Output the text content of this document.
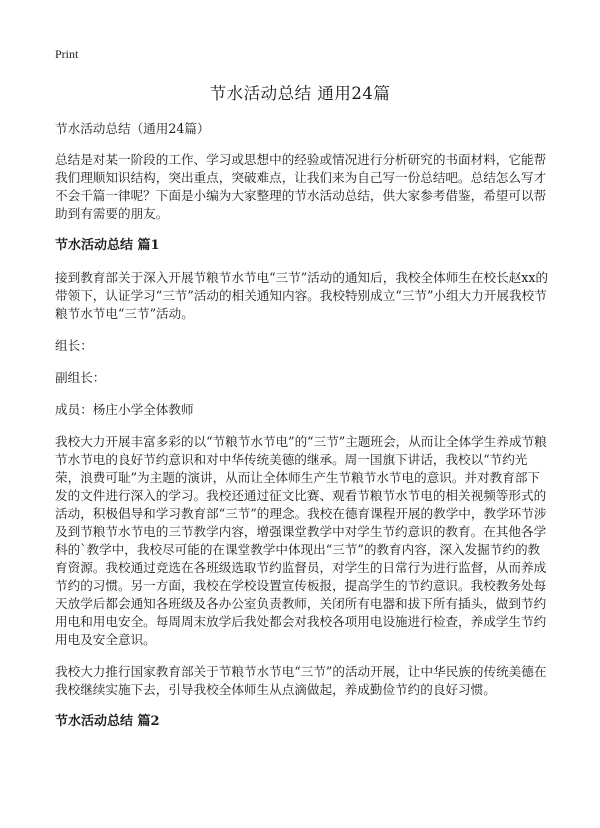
Print
节水活动总结 通用24篇

节水活动总结（通用24篇）

总结是对某一阶段的工作、学习或思想中的经验或情况进行分析研究的书面材料，它能帮我们理顺知识结构，突出重点，突破难点，让我们来为自己写一份总结吧。总结怎么写才不会千篇一律呢？下面是小编为大家整理的节水活动总结，供大家参考借鉴，希望可以帮助到有需要的朋友。

节水活动总结 篇1

接到教育部关于深入开展节粮节水节电“三节”活动的通知后，我校全体师生在校长赵xx的带领下，认证学习“三节”活动的相关通知内容。我校特别成立“三节”小组大力开展我校节粮节水节电“三节”活动。

组长：

副组长：

成员：杨庄小学全体教师

我校大力开展丰富多彩的以“节粮节水节电”的“三节”主题班会，从而让全体学生养成节粮节水节电的良好节约意识和对中华传统美德的继承。周一国旗下讲话，我校以“节约光荣，浪费可耻”为主题的演讲，从而让全体师生产生节粮节水节电的意识。并对教育部下发的文件进行深入的学习。我校还通过征文比赛、观看节粮节水节电的相关视频等形式的活动，积极倡导和学习教育部“三节”的理念。我校在德育课程开展的教学中，教学环节涉及到节粮节水节电的三节教学内容，增强课堂教学中对学生节约意识的教育。在其他各学科的`教学中，我校尽可能的在课堂教学中体现出“三节”的教育内容，深入发掘节约的教育资源。我校通过竞选在各班级选取节约监督员，对学生的日常行为进行监督，从而养成节约的习惯。另一方面，我校在学校设置宣传板报，提高学生的节约意识。我校教务处每天放学后都会通知各班级及各办公室负责教师，关闭所有电器和拔下所有插头，做到节约用电和用电安全。每周周末放学后我处都会对我校各项用电设施进行检查，养成学生节约用电及安全意识。

我校大力推行国家教育部关于节粮节水节电“三节”的活动开展，让中华民族的传统美德在我校继续实施下去，引导我校全体师生从点滴做起，养成勤俭节约的良好习惯。

节水活动总结 篇2
